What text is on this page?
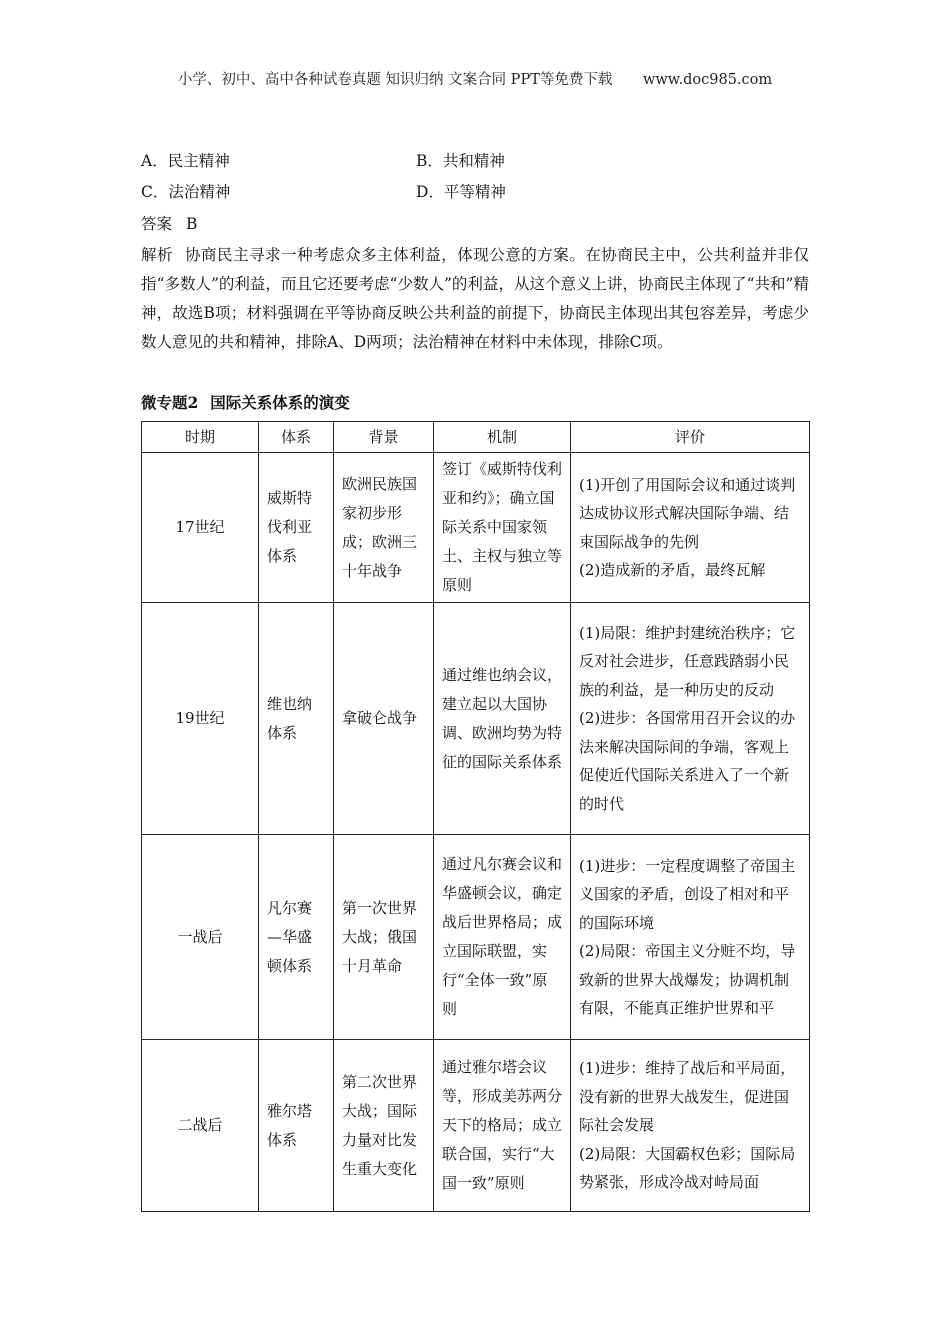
小学、初中、高中各种试卷真题 知识归纳 文案合同 PPT等免费下载 www.doc985.com
A．民主精神	B．共和精神
C．法治精神	D．平等精神
答案 B
解析 协商民主寻求一种考虑众多主体利益，体现公意的方案。在协商民主中，公共利益并非仅指“多数人”的利益，而且它还要考虑“少数人”的利益，从这个意义上讲，协商民主体现了“共和”精神，故选B项；材料强调在平等协商反映公共利益的前提下，协商民主体现出其包容差异，考虑少数人意见的共和精神，排除A、D两项；法治精神在材料中未体现，排除C项。
微专题2 国际关系体系的演变
时期	体系	背景	机制	评价
17世纪	威斯特伐利亚体系	欧洲民族国家初步形成；欧洲三十年战争	签订《威斯特伐利亚和约》；确立国际关系中国家领土、主权与独立等原则	(1)开创了用国际会议和通过谈判达成协议形式解决国际争端、结束国际战争的先例
(2)造成新的矛盾，最终瓦解

19世纪	维也纳体系	拿破仑战争	通过维也纳会议，建立起以大国协调、欧洲均势为特征的国际关系体系	(1)局限：维护封建统治秩序；它反对社会进步，任意践踏弱小民族的利益，是一种历史的反动
(2)进步：各国常用召开会议的办法来解决国际间的争端，客观上促使近代国际关系进入了一个新的时代

一战后	凡尔赛—华盛顿体系	第一次世界大战；俄国十月革命	通过凡尔赛会议和华盛顿会议，确定战后世界格局；成立国际联盟，实行“全体一致”原则	(1)进步：一定程度调整了帝国主义国家的矛盾，创设了相对和平的国际环境
(2)局限：帝国主义分赃不均，导致新的世界大战爆发；协调机制有限，不能真正维护世界和平

二战后	雅尔塔体系	第二次世界大战；国际力量对比发生重大变化	通过雅尔塔会议等，形成美苏两分天下的格局；成立联合国，实行“大国一致”原则	(1)进步：维持了战后和平局面，没有新的世界大战发生，促进国际社会发展
(2)局限：大国霸权色彩；国际局势紧张，形成冷战对峙局面
